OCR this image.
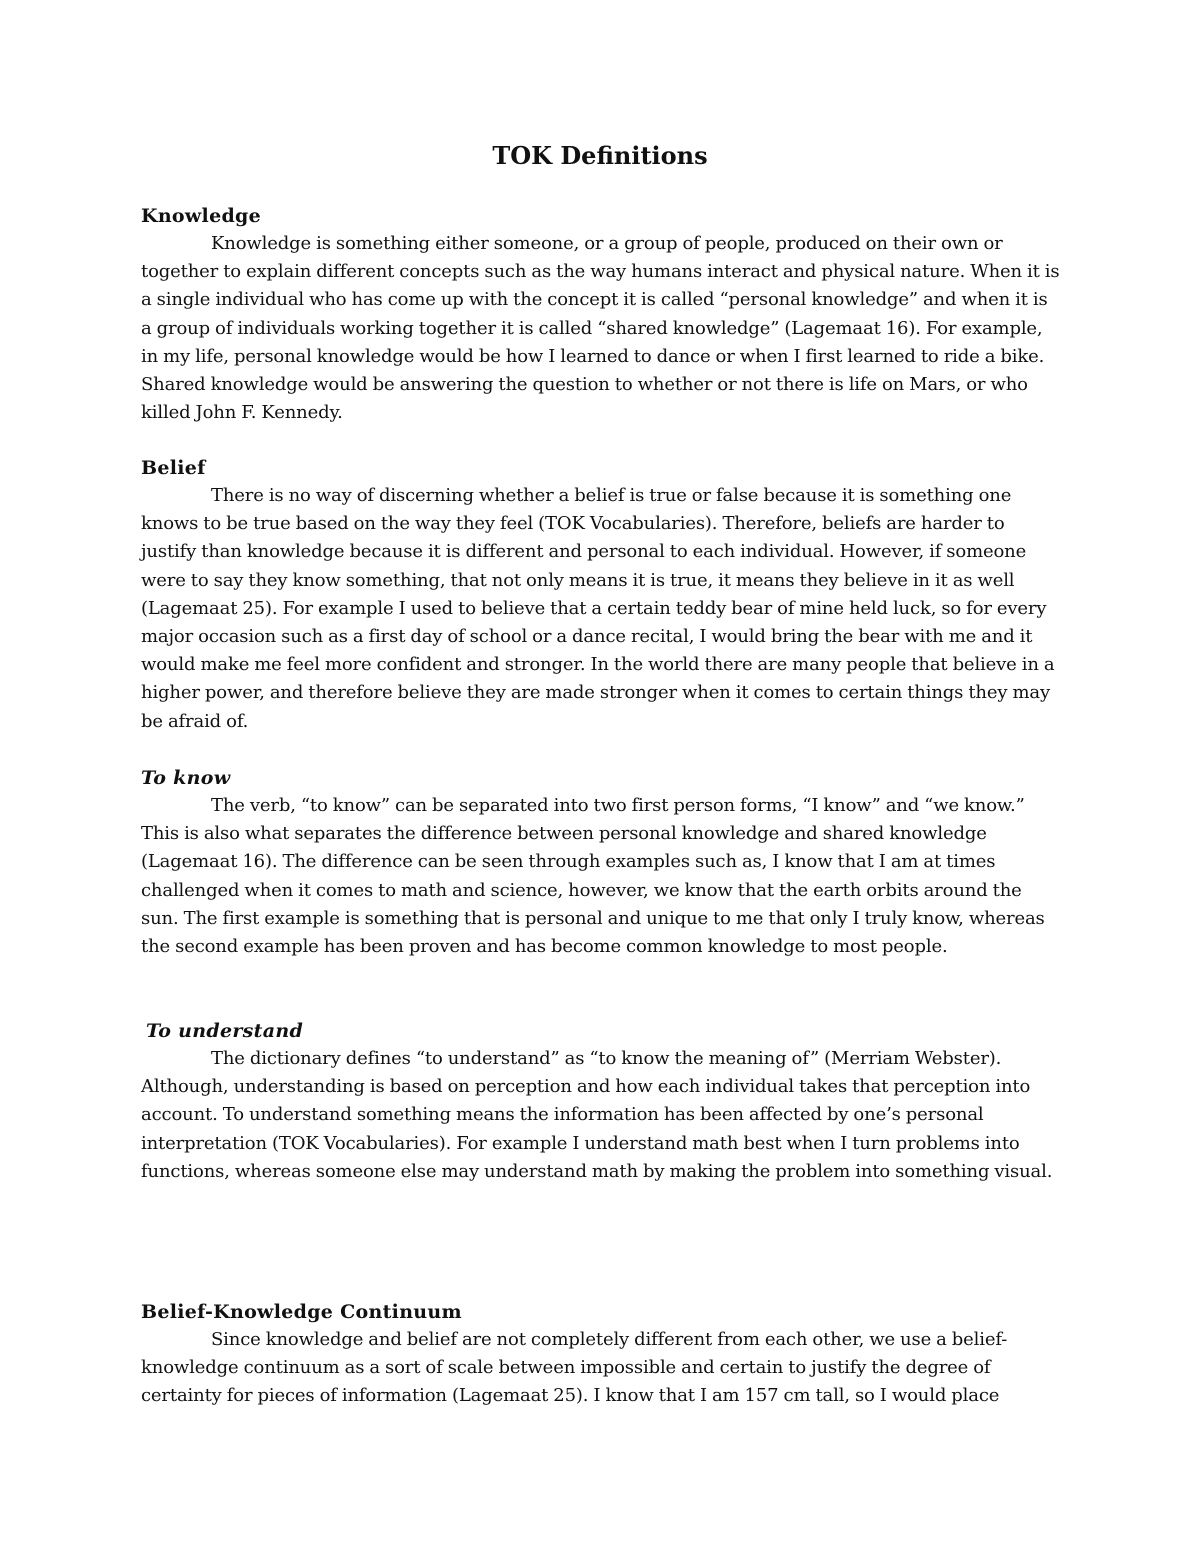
TOK Definitions
Knowledge

Knowledge is something either someone, or a group of people, produced on their own or together to explain different concepts such as the way humans interact and physical nature. When it is a single individual who has come up with the concept it is called “personal knowledge” and when it is a group of individuals working together it is called “shared knowledge” (Lagemaat 16). For example, in my life, personal knowledge would be how I learned to dance or when I first learned to ride a bike. Shared knowledge would be answering the question to whether or not there is life on Mars, or who killed John F. Kennedy.

Belief

There is no way of discerning whether a belief is true or false because it is something one knows to be true based on the way they feel (TOK Vocabularies). Therefore, beliefs are harder to justify than knowledge because it is different and personal to each individual. However, if someone were to say they know something, that not only means it is true, it means they believe in it as well (Lagemaat 25). For example I used to believe that a certain teddy bear of mine held luck, so for every major occasion such as a first day of school or a dance recital, I would bring the bear with me and it would make me feel more confident and stronger. In the world there are many people that believe in a higher power, and therefore believe they are made stronger when it comes to certain things they may be afraid of.

To know

The verb, “to know” can be separated into two first person forms, “I know” and “we know.” This is also what separates the difference between personal knowledge and shared knowledge (Lagemaat 16). The difference can be seen through examples such as, I know that I am at times challenged when it comes to math and science, however, we know that the earth orbits around the sun. The first example is something that is personal and unique to me that only I truly know, whereas the second example has been proven and has become common knowledge to most people.

To understand

The dictionary defines “to understand” as “to know the meaning of” (Merriam Webster). Although, understanding is based on perception and how each individual takes that perception into account. To understand something means the information has been affected by one’s personal interpretation (TOK Vocabularies). For example I understand math best when I turn problems into functions, whereas someone else may understand math by making the problem into something visual.

Belief-Knowledge Continuum

Since knowledge and belief are not completely different from each other, we use a belief-knowledge continuum as a sort of scale between impossible and certain to justify the degree of certainty for pieces of information (Lagemaat 25). I know that I am 157 cm tall, so I would place
